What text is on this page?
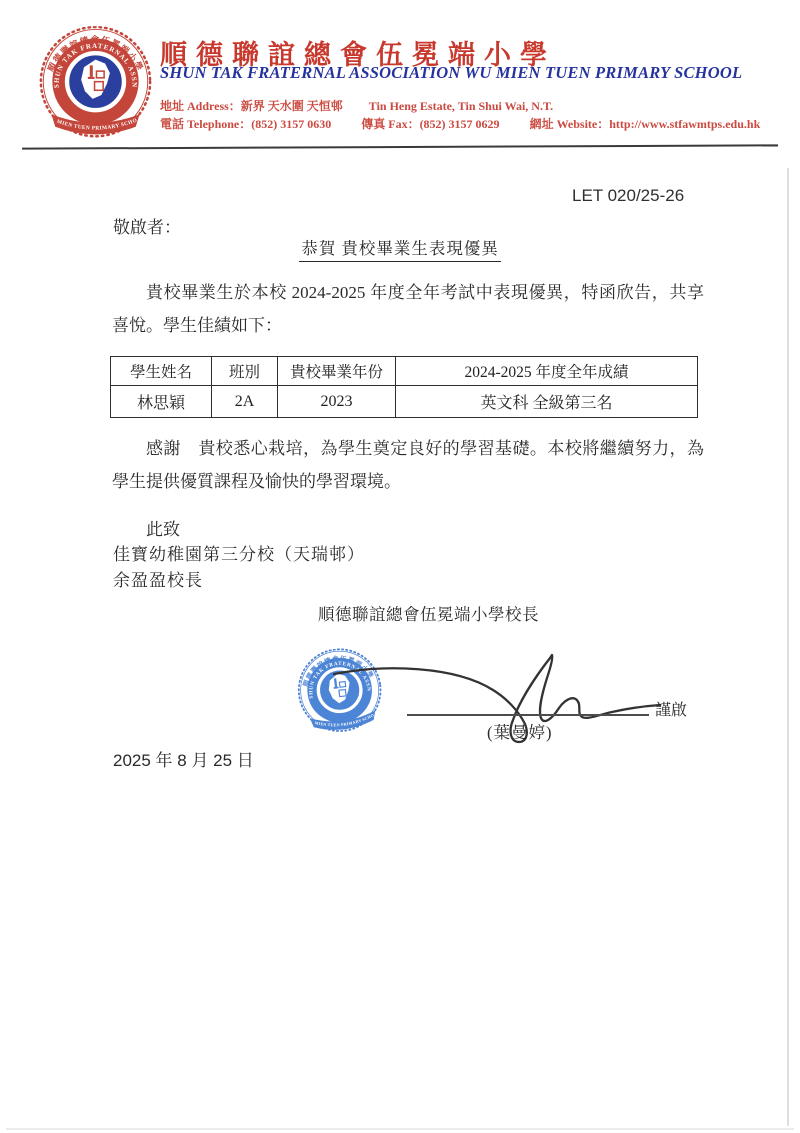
順德聯誼總會伍冕端小學
SHUN TAK FRATERNAL ASSOCIATION WU MIEN TUEN PRIMARY SCHOOL
地址 Address：新界 天水圍 天恒邨 Tin Heng Estate, Tin Shui Wai, N.T.
電話 Telephone：(852) 3157 0630	傳真 Fax：(852) 3157 0629	網址 Website：http://www.stfawmtps.edu.hk
LET 020/25-26
敬啟者：
恭賀 貴校畢業生表現優異
貴校畢業生於本校 2024-2025 年度全年考試中表現優異，特函欣告，共享喜悅。學生佳績如下：
學生姓名	班別	貴校畢業年份	2024-2025 年度全年成績
林思穎	2A	2023	英文科 全級第三名
感謝　貴校悉心栽培，為學生奠定良好的學習基礎。本校將繼續努力，為學生提供優質課程及愉快的學習環境。
此致
佳寶幼稚園第三分校（天瑞邨）
余盈盈校長
順德聯誼總會伍冕端小學校長
謹啟
(葉曼婷)
2025 年 8 月 25 日
